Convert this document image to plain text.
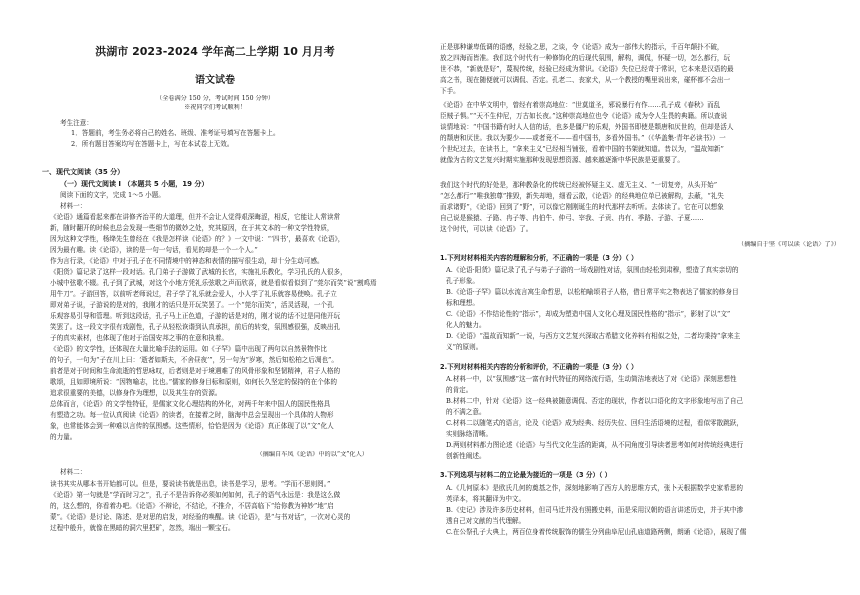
洪湖市 2023-2024 学年高二上学期 10 月月考
语文试卷
（全卷满分 150 分，考试时间 150 分钟）
※祝同学们考试顺利！
考生注意：
1．答题前，考生务必将自己的姓名、班级、准考证号填写在答题卡上。
2．所有题目答案均写在答题卡上，写在本试卷上无效。
一、现代文阅读（35 分）
（一）现代文阅读 I （本题共 5 小题，19 分）
阅读下面的文字，完成 1～5 小题。
材料一：
《论语》通篇看起来都在讲修齐治平的大道理，但并不会让人觉得艰深晦涩，相反，它能让人常读常
新，随时翻开的时候也总会发现一些细节的微妙之处，究其原因，在于其文本的一种文学性特质，
因为这种文学性，杨绛先生曾经在《我是怎样读《论语》的？》一文中说：“‘四书’，最喜欢《论语》，
因为最有趣。读《论语》，读的是一句一句话，看见的却是一个一个人。”
作为言行录，《论语》中对于孔子在不同情境中的神态和表情的描写很生动，却十分生动可感。
《阳货》篇记录了这样一段对话。孔门弟子子游做了武城的长官，实施礼乐教化，学习孔氏的人很多，
小城中弦歌不辍。孔子到了武城，对这个小地方凭礼乐弦歌之声而欣喜，就是看似看似到了“莞尔而笑”说“割鸡焉
用牛刀”。子游回答，以前听老师说过，君子学了礼乐就会爱人，小人学了礼乐就容易使唤。孔子立
即对弟子说，子游说的是对的，我刚才的话只是开玩笑罢了。一个“莞尔而笑”，活灵活现，一个孔
乐观容易引导和管理。听到这段话，孔子马上正色道，子游的话是对的，刚才说的话不过是同他开玩
笑罢了。这一段文字很有戏剧性，孔子从轻松诙谐到认真承担，前后的转变，氛围感很强，反映出孔
子的真实素材，也体现了他对于治国安邦之事的在意和执着。
《论语》的文学性，还体现在大量比喻手法的运用。如《子罕》篇中出现了两句以自然景物作比
的句子，一句为“子在川上曰：‘逝者如斯夫，不舍昼夜’”，另一句为“岁寒，然后知松柏之后凋也”。
前者是对于时间和生命流逝的哲思咏叹，后者则是对于境遇难了的风骨形象和坚韧精神，君子人格的
歌颂，且如即境所说：“因物喻志，比也。”儒家的修身目标和原则，如何长久坚定的保持的在个体的
追求很重要的美德，以修身作为理想，以及其生存的资源。
总体而言，《论语》的文学性特征，是儒家文化心理结构的外化，对两千年来中国人的国民性格具
有塑造之功。每一位认真阅读《论语》的读者，在接着之时，脑海中总会呈现出一个具体的人物形
象，也常能体会到一种难以言传的氛围感。这些情形，恰恰是因为《论语》真正体现了以“文”化人
的力量。
（摘编自车凤《论语》中的以“文”化人）
材料二：
读书其实从哪本书开始都可以。但是，要说读书就是出息，读书是学习，思考。“学而不思则罔。”
《论语》第一句就是“学而时习之”，孔子不是告诉你必须如何如何，孔子的语气永远是：我是这么做
的，这么想的，你看着办吧。《论语》不辩论，不结论，不推介，不居高临下“给你教为神妙”地“启
蒙”。《论语》是讨论、陈述、是对思的启发，对经验的唤醒。读《论语》，是“与书对话”，一次对心灵的
过程中般升，就像在黑暗的洞穴里把矿，忽然，端出一颗宝石。
正是那种谦卑低调的语感，经验之思，之谈，令《论语》成为一部伟大的指示，千百年颠扑不破，
放之四海而皆准。我们这个时代有一种修饰化的后现代氛围，解构，调侃，怀疑一切，怎么都行，玩
世不恭，“新就是好”，蔑视传统，经验已经成为常识。《论语》失位已经苛于常识，它本来是汉语的最
高之书，现在随便就可以调侃、否定。孔老二、丧家犬，从一个教授的嘴里说出来，碰杯都不会出一
下手。
《论语》在中华文明中，曾经有着崇高地位：“世莫道圣，邪说暴行有作……孔子成《春秋》而乱
臣贼子惧。”“天不生仲尼，万古如长夜。”这种崇高地位也令《论语》成为令人生畏的典籍。所以查说
谈情地说：“中国书籍有时人人信的话，也多是僵尸的乐观，外国书即使是颓唐和厌世的，但却是活人
的颓唐和厌世。我以为要少——或者竟不——看中国书，多看外国书。”（《华盖集·青年必读书》）一
个世纪过去，在读书上，“拿来主义”已经相当铺张，看着中国的书架就知道。昔以为，“温故知新”
就像为古的文艺复兴时期实施那种发现思想资源、越来越逐渐中华民族是更重要了。
我们这个时代的好处是，那种教条化的传统已经被怀疑主义、虚无主义、“一切复旁，从头开始”
“怎么都行”“唯我独尊”推毁，新失却地，细看云散，《论语》的经典地位单已被解构，去蔽，“礼失
而求诸野”，《论语》回到了“野”，可以像它刚刚诞生的时代那样去听听。去体读了。它在可以想象
自己说是猴猿、子路、冉子等、冉伯牛、仲弓、宰我、子贡、冉有、季路、子游、子夏……
这个时代，可以读《论语》了。
（摘编自于坚《可以读〈论语〉了》）
1.下列对材料相关内容的理解和分析，不正确的一项是（3 分）（ ）
A.《论语·阳货》篇记录了孔子与弟子子游的一场戏剧性对话，氛围由轻松到肃穆，塑造了真实亲切的
孔子形象。
B.《论语·子罕》篇以水流言寓生命哲思，以松柏喻颂君子人格，借日常平实之物表达了儒家的修身目
标和理想。
C.《论语》不作结论性的“指示”，却成为塑造中国人文化心理及国民性格的“指示”，影射了以“文”
化人的魅力。
D.《论语》“温故而知新”一说，与西方文艺复兴深取古希腊文化养料有相似之处，二者均秉持“拿来主
义”的原则。
2.下列对材料相关内容的分析和评价，不正确的一项是（3 分）（ ）
A.材料一中，以“氛围感”这一富有时代特征的网络流行语，生动简洁地表达了对《论语》深刻思想性
的肯定。
B.材料二中，针对《论语》这一经典被随意调侃、否定的现状，作者以口语化的文字形象地写出了自己
的不满之意。
C.材料二以随笔式的语言，论及《论语》成为经典、经历失位、回归生活语境的过程，看似零散跳跃，
实则脉络清晰。
D.两则材料都力图论述《论语》与当代文化生活的距离，从不同角度引导读者思考如何对传统经典进行
创新性阐述。
3.下列选项与材料二的立论最为接近的一项是（3 分）（ ）
A.《几何原本》是欧氏几何的奠基之作，深刻地影响了西方人的思维方式，张卜天根据数学史家希思的
英译本，将其翻译为中文。
B.《史记》涉及许多历史材料，但司马迁并没有照搬史料，而是采用汉朝的语言讲述历史，并于其中渗
透自己对文献的当代理解。
C.在公祭孔子大典上，两百位身着传统服饰的儒生分列曲阜尼山孔庙道路两侧，朗诵《论语》，展现了儒
